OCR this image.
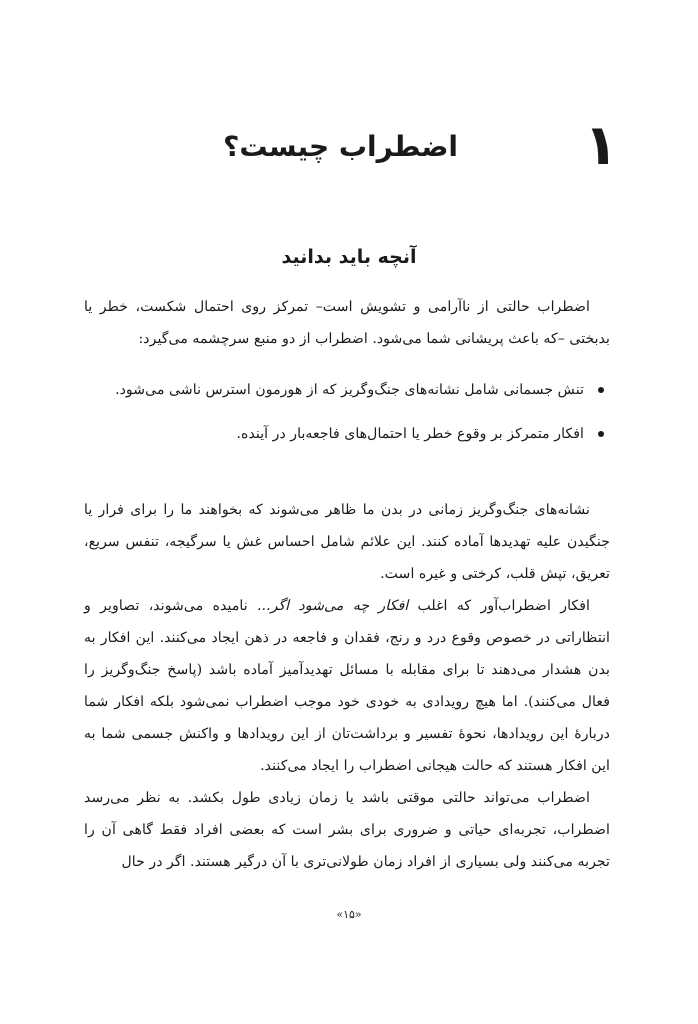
۱
اضطراب چیست؟
آنچه باید بدانید

اضطراب حالتی از ناآرامی و تشویش است– تمرکز روی احتمال شکست، خطر یا بدبختی –که باعث پریشانی شما می‌شود. اضطراب از دو منبع سرچشمه می‌گیرد:

تنش جسمانی شامل نشانه‌های جنگ‌وگریز که از هورمون استرس ناشی می‌شود.
افکار متمرکز بر وقوع خطر یا احتمال‌های فاجعه‌بار در آینده.

نشانه‌های جنگ‌وگریز زمانی در بدن ما ظاهر می‌شوند که بخواهند ما را برای فرار یا جنگیدن علیه تهدیدها آماده کنند. این علائم شامل احساس غش یا سرگیجه، تنفس سریع، تعریق، تپش قلب، کرختی و غیره است.

افکار اضطراب‌آور که اغلب افکار چه می‌شود اگر... نامیده می‌شوند، تصاویر و انتظاراتی در خصوص وقوع درد و رنج، فقدان و فاجعه در ذهن ایجاد می‌کنند. این افکار به بدن هشدار می‌دهند تا برای مقابله با مسائل تهدیدآمیز آماده باشد (پاسخ جنگ‌وگریز را فعال می‌کنند). اما هیچ رویدادی به خودی خود موجب اضطراب نمی‌شود بلکه افکار شما دربارهٔ این رویدادها، نحوهٔ تفسیر و برداشت‌تان از این رویدادها و واکنش جسمی شما به این افکار هستند که حالت هیجانی اضطراب را ایجاد می‌کنند.

اضطراب می‌تواند حالتی موقتی باشد یا زمان زیادی طول بکشد. به نظر می‌رسد اضطراب، تجربه‌ای حیاتی و ضروری برای بشر است که بعضی افراد فقط گاهی آن را تجربه می‌کنند ولی بسیاری از افراد زمان طولانی‌تری با آن درگیر هستند. اگر در حال

«۱۵»
